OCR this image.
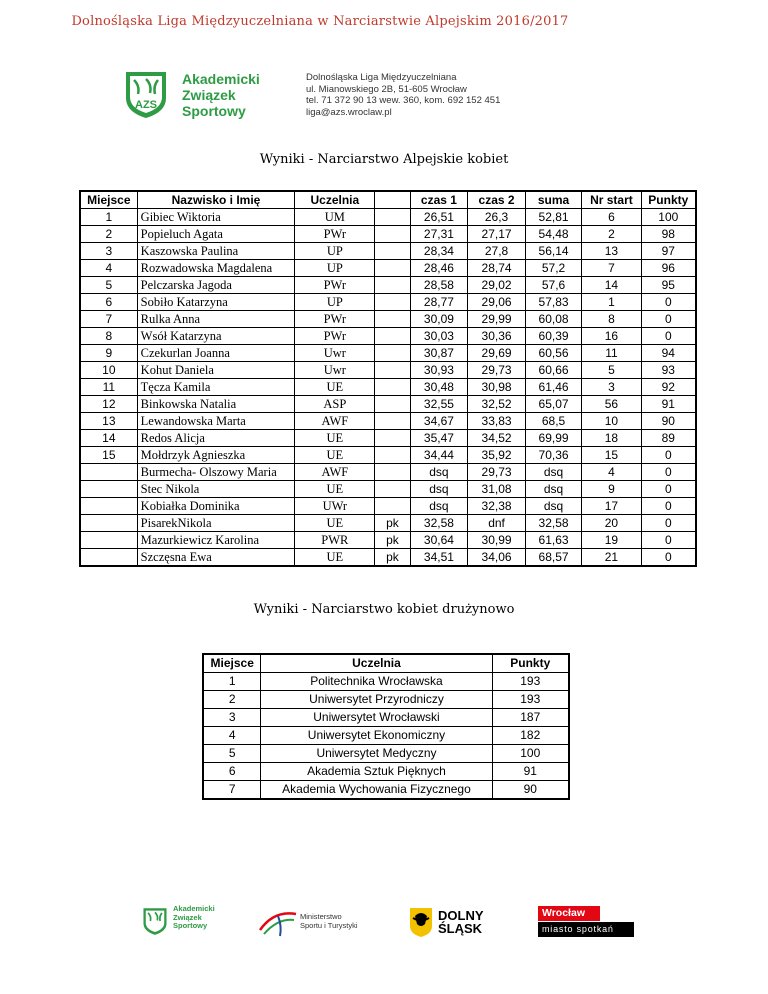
Dolnośląska Liga Międzyuczelniana w Narciarstwie Alpejskim 2016/2017
AZS
Akademicki
Związek
Sportowy
Dolnośląska Liga Międzyuczelniana
ul. Mianowskiego 2B, 51-605 Wrocław
tel. 71 372 90 13 wew. 360, kom. 692 152 451
liga@azs.wroclaw.pl
Wyniki - Narciarstwo Alpejskie kobiet
Miejsce	Nazwisko i Imię	Uczelnia		czas 1	czas 2	suma	Nr start	Punkty
1	Gibiec Wiktoria	UM		26,51	26,3	52,81	6	100
2	Popieluch Agata	PWr		27,31	27,17	54,48	2	98
3	Kaszowska Paulina	UP		28,34	27,8	56,14	13	97
4	Rozwadowska Magdalena	UP		28,46	28,74	57,2	7	96
5	Pelczarska Jagoda	PWr		28,58	29,02	57,6	14	95
6	Sobiło Katarzyna	UP		28,77	29,06	57,83	1	0
7	Rulka Anna	PWr		30,09	29,99	60,08	8	0
8	Wsół Katarzyna	PWr		30,03	30,36	60,39	16	0
9	Czekurlan Joanna	Uwr		30,87	29,69	60,56	11	94
10	Kohut Daniela	Uwr		30,93	29,73	60,66	5	93
11	Tęcza Kamila	UE		30,48	30,98	61,46	3	92
12	Binkowska Natalia	ASP		32,55	32,52	65,07	56	91
13	Lewandowska Marta	AWF		34,67	33,83	68,5	10	90
14	Redos Alicja	UE		35,47	34,52	69,99	18	89
15	Mołdrzyk Agnieszka	UE		34,44	35,92	70,36	15	0
	Burmecha- Olszowy Maria	AWF		dsq	29,73	dsq	4	0
	Stec Nikola	UE		dsq	31,08	dsq	9	0
	Kobiałka Dominika	UWr		dsq	32,38	dsq	17	0
	PisarekNikola	UE	pk	32,58	dnf	32,58	20	0
	Mazurkiewicz Karolina	PWR	pk	30,64	30,99	61,63	19	0
	Szczęsna Ewa	UE	pk	34,51	34,06	68,57	21	0
Wyniki - Narciarstwo kobiet drużynowo
Miejsce	Uczelnia	Punkty
1	Politechnika Wrocławska	193
2	Uniwersytet Przyrodniczy	193
3	Uniwersytet Wrocławski	187
4	Uniwersytet Ekonomiczny	182
5	Uniwersytet Medyczny	100
6	Akademia Sztuk Pięknych	91
7	Akademia Wychowania Fizycznego	90
Akademicki
Związek
Sportowy
Ministerstwo
Sportu i Turystyki
DOLNY
ŚLĄSK
Wrocław
miasto spotkań
